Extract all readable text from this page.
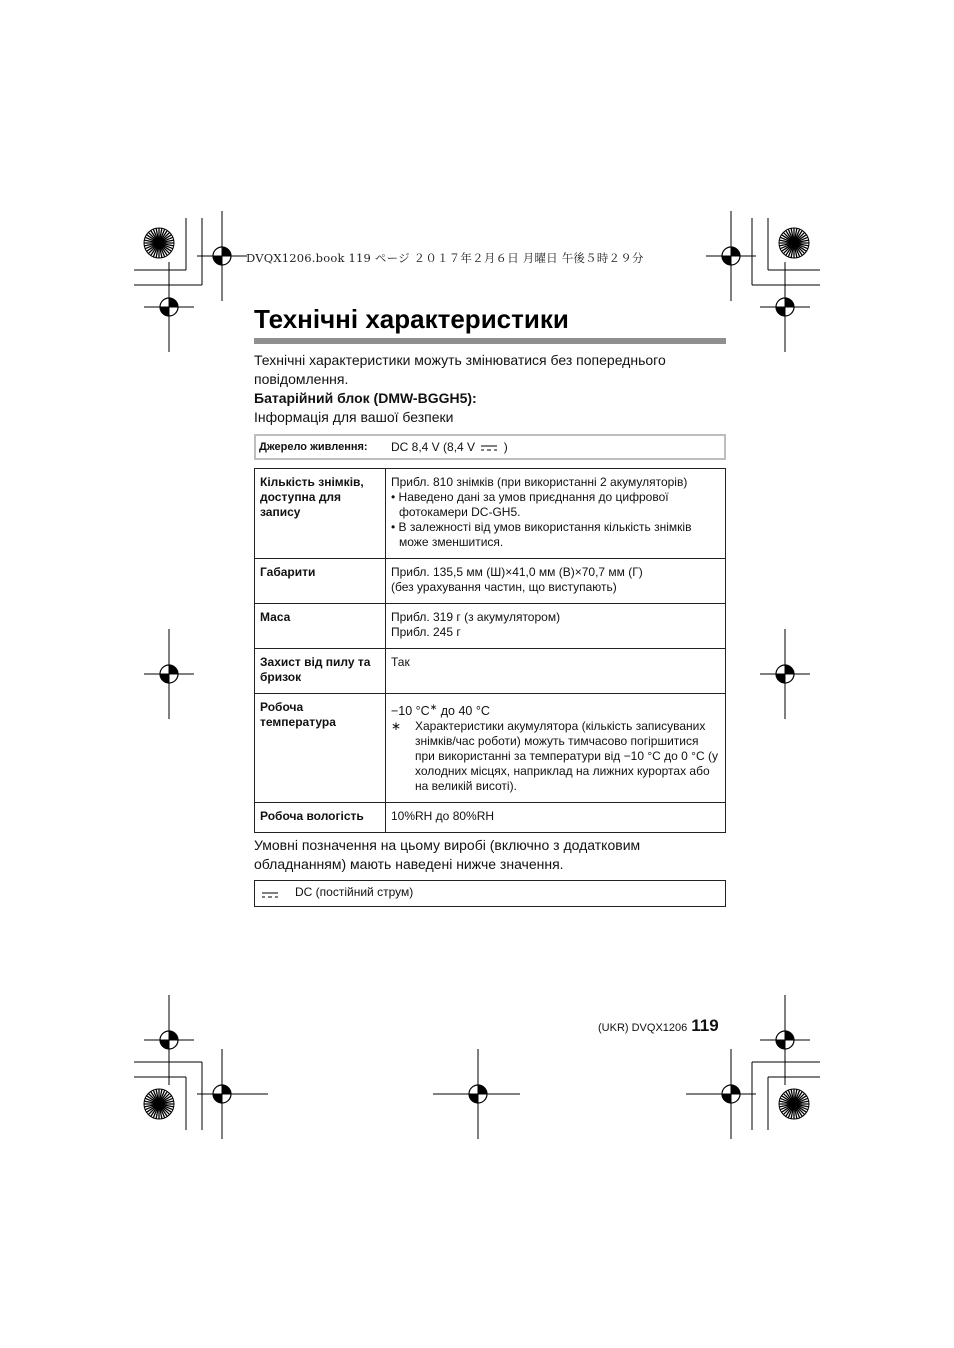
DVQX1206.book 119 ページ ２０１７年２月６日 月曜日 午後５時２９分
Технічні характеристики

Технічні характеристики можуть змінюватися без попереднього повідомлення.

Батарійний блок (DMW-BGGH5):

Інформація для вашої безпеки

Джерело живлення:	DC 8,4 V (8,4 V )
Кількість знімків, доступна для запису	Прибл. 810 знімків (при використанні 2 акумуляторів)
• Наведено дані за умов приєднання до цифрової фотокамери DC-GH5.
• В залежності від умов використання кількість знімків може зменшитися.

Габарити	Прибл. 135,5 мм (Ш)×41,0 мм (В)×70,7 мм (Г)
(без урахування частин, що виступають)

Маса	Прибл. 319 г (з акумулятором)
Прибл. 245 г

Захист від пилу та бризок	Так
Робоча температура	−10 °C∗ до 40 °C
∗ Характеристики акумулятора (кількість записуваних знімків/час роботи) можуть тимчасово погіршитися при використанні за температури від −10 °C до 0 °C (у холодних місцях, наприклад на лижних курортах або на великій висоті).

Робоча вологість	10%RH до 80%RH
Умовні позначення на цьому виробі (включно з додатковим обладнанням) мають наведені нижче значення.
DC (постійний струм)
(UKR) DVQX1206 119
